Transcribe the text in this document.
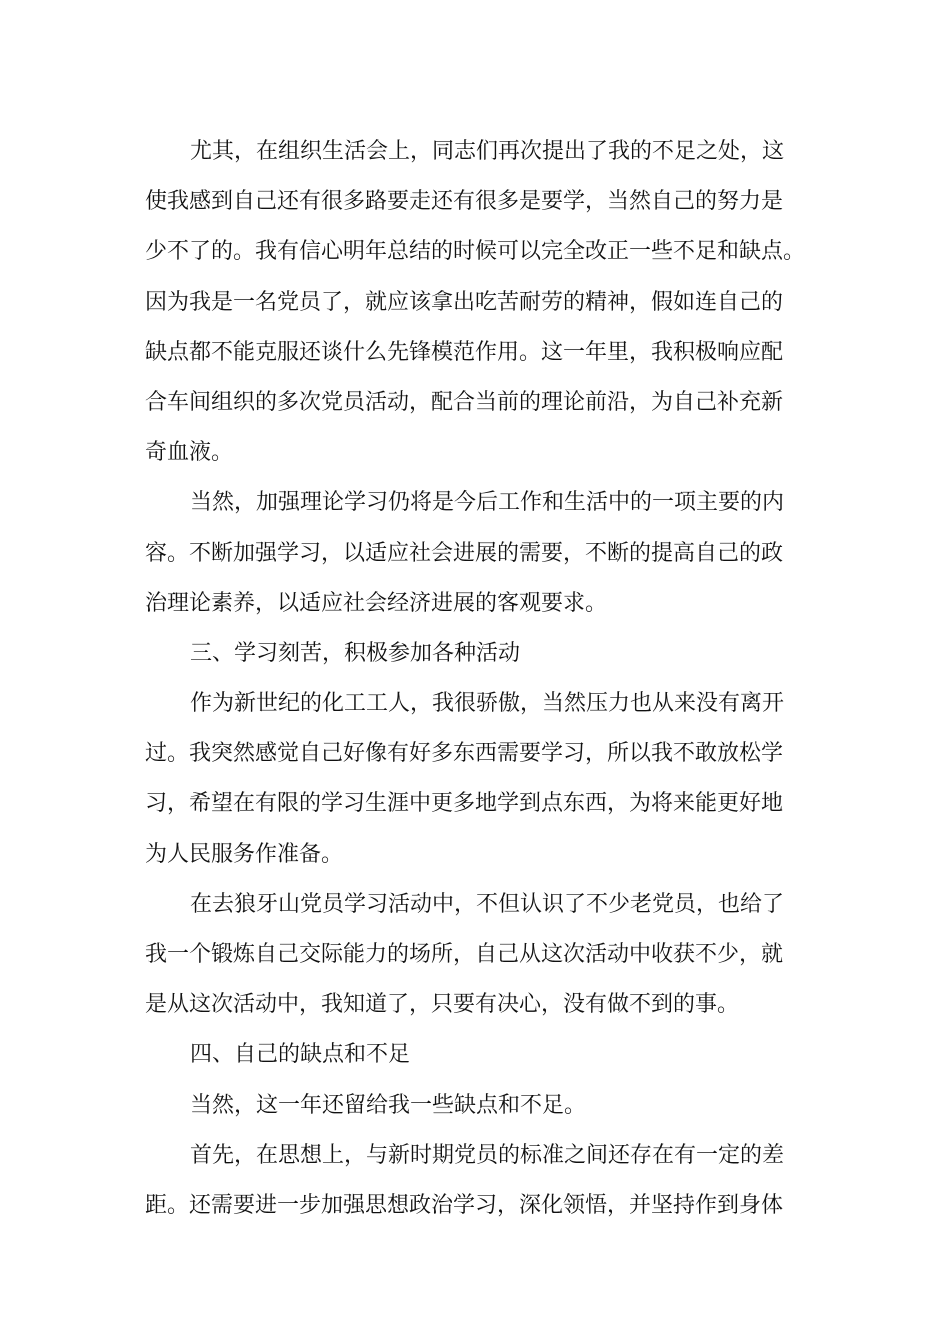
尤其，在组织生活会上，同志们再次提出了我的不足之处，这
使我感到自己还有很多路要走还有很多是要学，当然自己的努力是
少不了的。我有信心明年总结的时候可以完全改正一些不足和缺点。
因为我是一名党员了，就应该拿出吃苦耐劳的精神，假如连自己的
缺点都不能克服还谈什么先锋模范作用。这一年里，我积极响应配
合车间组织的多次党员活动，配合当前的理论前沿，为自己补充新
奇血液。
当然，加强理论学习仍将是今后工作和生活中的一项主要的内
容。不断加强学习，以适应社会进展的需要，不断的提高自己的政
治理论素养，以适应社会经济进展的客观要求。
三、学习刻苦，积极参加各种活动
作为新世纪的化工工人，我很骄傲，当然压力也从来没有离开
过。我突然感觉自己好像有好多东西需要学习，所以我不敢放松学
习，希望在有限的学习生涯中更多地学到点东西，为将来能更好地
为人民服务作准备。
在去狼牙山党员学习活动中，不但认识了不少老党员，也给了
我一个锻炼自己交际能力的场所，自己从这次活动中收获不少，就
是从这次活动中，我知道了，只要有决心，没有做不到的事。
四、自己的缺点和不足
当然，这一年还留给我一些缺点和不足。
首先，在思想上，与新时期党员的标准之间还存在有一定的差
距。还需要进一步加强思想政治学习，深化领悟，并坚持作到身体
